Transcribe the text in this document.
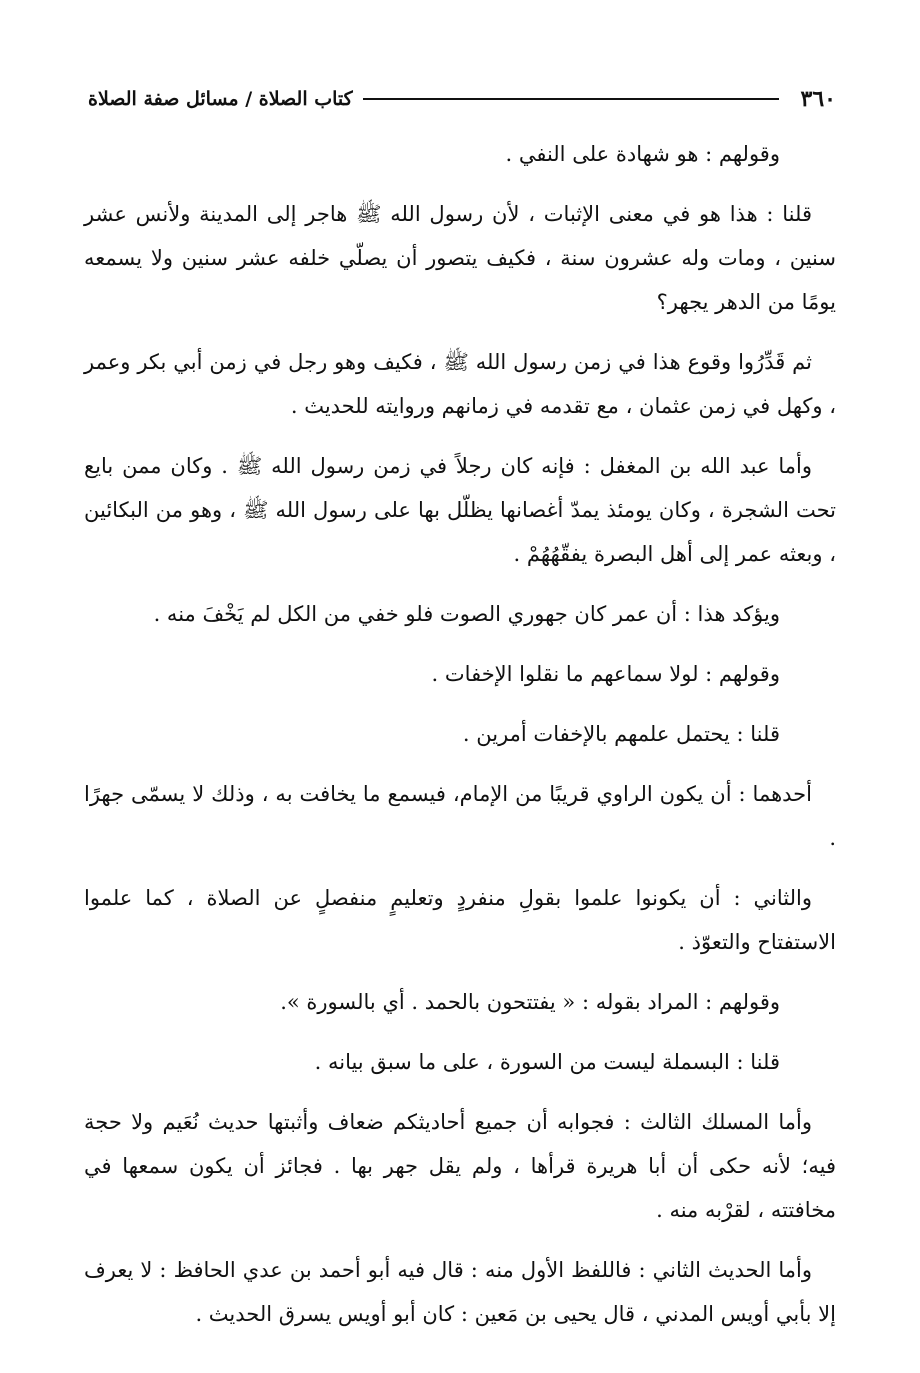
٣٦٠
كتاب الصلاة / مسائل صفة الصلاة

وقولهم : هو شهادة على النفي .

قلنا : هذا هو في معنى الإثبات ، لأن رسول الله ﷺ هاجر إلى المدينة ولأنس عشر سنين ، ومات وله عشرون سنة ، فكيف يتصور أن يصلّي خلفه عشر سنين ولا يسمعه يومًا من الدهر يجهر؟

ثم قَدِّرُوا وقوع هذا في زمن رسول الله ﷺ ، فكيف وهو رجل في زمن أبي بكر وعمر ، وكهل في زمن عثمان ، مع تقدمه في زمانهم وروايته للحديث .

وأما عبد الله بن المغفل : فإنه كان رجلاً في زمن رسول الله ﷺ . وكان ممن بايع تحت الشجرة ، وكان يومئذ يمدّ أغصانها يظلّل بها على رسول الله ﷺ ، وهو من البكائين ، وبعثه عمر إلى أهل البصرة يفقّهُهُمْ .

ويؤكد هذا : أن عمر كان جهوري الصوت فلو خفي من الكل لم يَخْفَ منه .

وقولهم : لولا سماعهم ما نقلوا الإخفات .

قلنا : يحتمل علمهم بالإخفات أمرين .

أحدهما : أن يكون الراوي قريبًا من الإمام، فيسمع ما يخافت به ، وذلك لا يسمّى جهرًا .

والثاني : أن يكونوا علموا بقولِ منفردٍ وتعليمٍ منفصلٍ عن الصلاة ، كما علموا الاستفتاح والتعوّذ .

وقولهم : المراد بقوله : « يفتتحون بالحمد . أي بالسورة ».

قلنا : البسملة ليست من السورة ، على ما سبق بيانه .

وأما المسلك الثالث : فجوابه أن جميع أحاديثكم ضعاف وأثبتها حديث نُعَيم ولا حجة فيه؛ لأنه حكى أن أبا هريرة قرأها ، ولم يقل جهر بها . فجائز أن يكون سمعها في مخافتته ، لقرْبه منه .

وأما الحديث الثاني : فاللفظ الأول منه : قال فيه أبو أحمد بن عدي الحافظ : لا يعرف إلا بأبي أويس المدني ، قال يحيى بن مَعين : كان أبو أويس يسرق الحديث .
